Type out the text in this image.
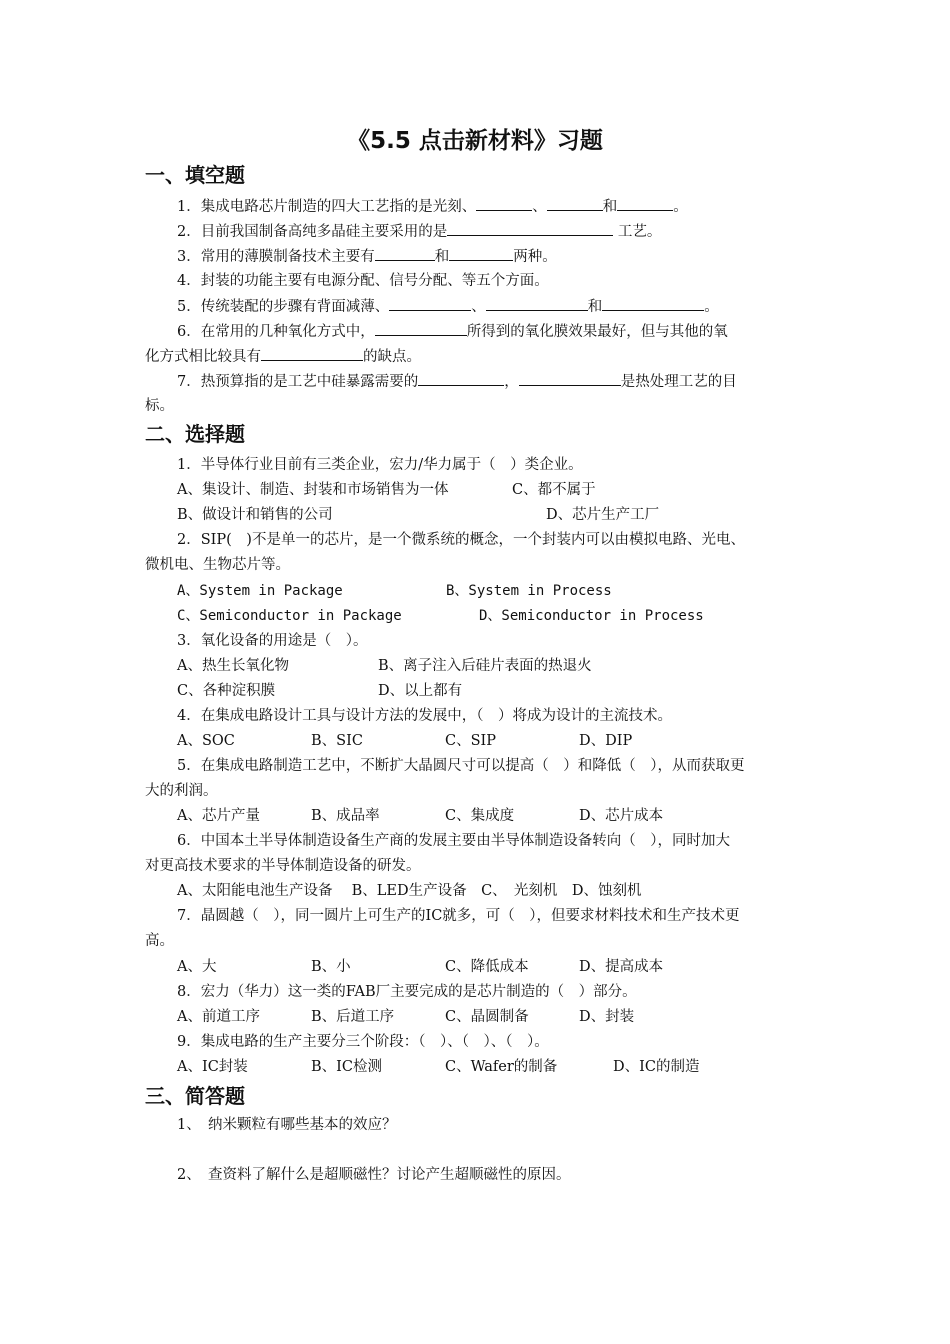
《5.5 点击新材料》习题
一、填空题
1．集成电路芯片制造的四大工艺指的是光刻、	、	和	。
2．目前我国制备高纯多晶硅主要采用的是	工艺。
3．常用的薄膜制备技术主要有	和	两种。
4．封装的功能主要有电源分配、信号分配、等五个方面。
5．传统装配的步骤有背面减薄、	、	和	。
6．在常用的几种氧化方式中，	所得到的氧化膜效果最好，但与其他的氧
化方式相比较具有	的缺点。
7．热预算指的是工艺中硅暴露需要的	，	是热处理工艺的目
标。
二、选择题
1．半导体行业目前有三类企业，宏力/华力属于（　）类企业。
A、集设计、制造、封装和市场销售为一体	C、都不属于
B、做设计和销售的公司	D、芯片生产工厂
2．SIP(　)不是单一的芯片，是一个微系统的概念，一个封装内可以由模拟电路、光电、
微机电、生物芯片等。
A、System in Package	B、System in Process
C、Semiconductor in Package	D、Semiconductor in Process
3．氧化设备的用途是（　）。
A、热生长氧化物	B、离子注入后硅片表面的热退火
C、各种淀积膜	D、以上都有
4．在集成电路设计工具与设计方法的发展中，（　）将成为设计的主流技术。
A、SOC	B、SIC	C、SIP	D、DIP
5．在集成电路制造工艺中，不断扩大晶圆尺寸可以提高（　）和降低（　），从而获取更
大的利润。
A、芯片产量	B、成品率	C、集成度	D、芯片成本
6．中国本土半导体制造设备生产商的发展主要由半导体制造设备转向（　），同时加大
对更高技术要求的半导体制造设备的研发。
A、太阳能电池生产设备　 B、LED生产设备　C、　光刻机　D、蚀刻机
7．晶圆越（　），同一圆片上可生产的IC就多，可（　），但要求材料技术和生产技术更
高。
A、大	B、小	C、降低成本	D、提高成本
8．宏力（华力）这一类的FAB厂主要完成的是芯片制造的（　）部分。
A、前道工序	B、后道工序	C、晶圆制备	D、封装
9．集成电路的生产主要分三个阶段：（　）、（　）、（　）。
A、IC封装	B、IC检测	C、Wafer的制备	D、IC的制造
三、简答题
1、　纳米颗粒有哪些基本的效应？
2、　查资料了解什么是超顺磁性？讨论产生超顺磁性的原因。
